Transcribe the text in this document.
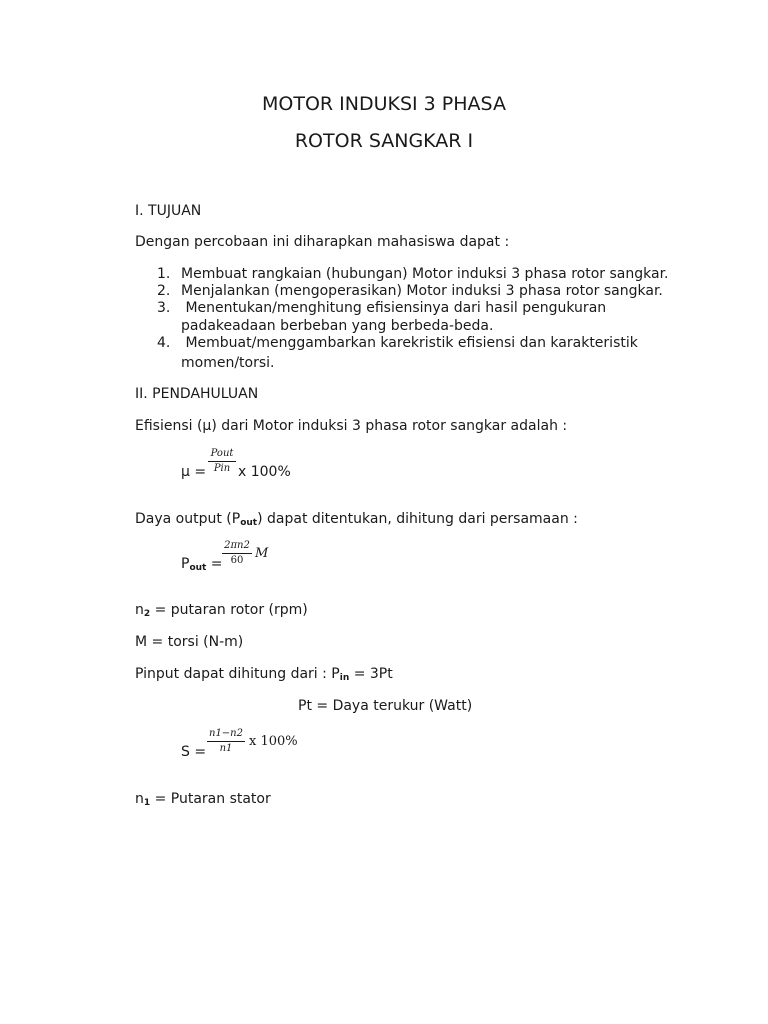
MOTOR INDUKSI 3 PHASA
ROTOR SANGKAR I
I. TUJUAN
Dengan percobaan ini diharapkan mahasiswa dapat :
1. Membuat rangkaian (hubungan) Motor induksi 3 phasa rotor sangkar.
2. Menjalankan (mengoperasikan) Motor induksi 3 phasa rotor sangkar.
3. Menentukan/menghitung efisiensinya dari hasil pengukuran
padakeadaan berbeban yang berbeda-beda.
4. Membuat/menggambarkan karekristik efisiensi dan karakteristik
momen/torsi.
II. PENDAHULUAN
Efisiensi (µ) dari Motor induksi 3 phasa rotor sangkar adalah :
µ =
Pout
Pin x 100%
Daya output $(P_{out})$ dapat ditentukan, dihitung dari persamaan :
$P_{out}$ =
2πn2
60 M
$n_2$ = putaran rotor (rpm)
M = torsi (N-m)
Pinput dapat dihitung dari : $P_{in} = 3Pt$
Pt = Daya terukur (Watt)
S =
n1−n2
n1	x 100%
$n_1$ = Putaran stator
